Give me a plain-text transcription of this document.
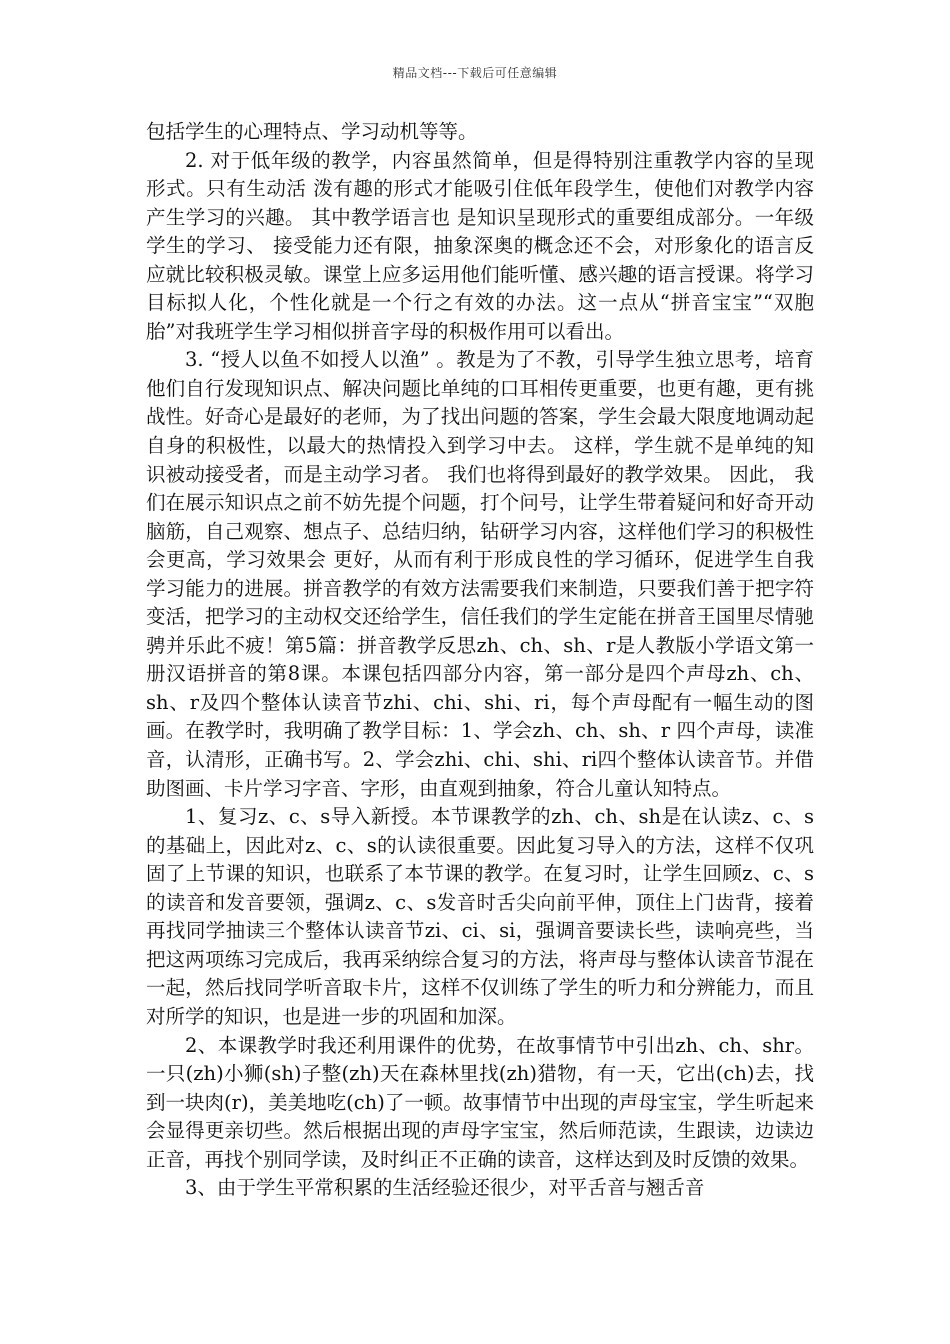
精品文档---下载后可任意编辑

包括学生的心理特点、学习动机等等。

2. 对于低年级的教学，内容虽然简单，但是得特别注重教学内容的呈现形式。只有生动活 泼有趣的形式才能吸引住低年段学生，使他们对教学内容产生学习的兴趣。 其中教学语言也 是知识呈现形式的重要组成部分。一年级学生的学习、 接受能力还有限，抽象深奥的概念还不会，对形象化的语言反应就比较积极灵敏。课堂上应多运用他们能听懂、感兴趣的语言授课。将学习目标拟人化，个性化就是一个行之有效的办法。这一点从“拼音宝宝”“双胞胎”对我班学生学习相似拼音字母的积极作用可以看出。

3. “授人以鱼不如授人以渔” 。教是为了不教，引导学生独立思考，培育他们自行发现知识点、解决问题比单纯的口耳相传更重要，也更有趣，更有挑战性。好奇心是最好的老师，为了找出问题的答案，学生会最大限度地调动起自身的积极性，以最大的热情投入到学习中去。 这样，学生就不是单纯的知识被动接受者，而是主动学习者。 我们也将得到最好的教学效果。 因此， 我们在展示知识点之前不妨先提个问题，打个问号，让学生带着疑问和好奇开动脑筋，自己观察、想点子、总结归纳，钻研学习内容，这样他们学习的积极性会更高，学习效果会 更好，从而有利于形成良性的学习循环，促进学生自我学习能力的进展。拼音教学的有效方法需要我们来制造，只要我们善于把字符变活，把学习的主动权交还给学生，信任我们的学生定能在拼音王国里尽情驰骋并乐此不疲！第5篇：拼音教学反思zh、ch、sh、r是人教版小学语文第一册汉语拼音的第8课。本课包括四部分内容，第一部分是四个声母zh、ch、sh、r及四个整体认读音节zhi、chi、shi、ri，每个声母配有一幅生动的图画。在教学时，我明确了教学目标：1、学会zh、ch、sh、r 四个声母，读准音，认清形，正确书写。2、学会zhi、chi、shi、ri四个整体认读音节。并借助图画、卡片学习字音、字形，由直观到抽象，符合儿童认知特点。

1、复习z、c、s导入新授。本节课教学的zh、ch、sh是在认读z、c、s的基础上，因此对z、c、s的认读很重要。因此复习导入的方法，这样不仅巩固了上节课的知识，也联系了本节课的教学。在复习时，让学生回顾z、c、s的读音和发音要领，强调z、c、s发音时舌尖向前平伸，顶住上门齿背，接着再找同学抽读三个整体认读音节zi、ci、si，强调音要读长些，读响亮些，当把这两项练习完成后，我再采纳综合复习的方法，将声母与整体认读音节混在一起，然后找同学听音取卡片，这样不仅训练了学生的听力和分辨能力，而且对所学的知识，也是进一步的巩固和加深。

2、本课教学时我还利用课件的优势，在故事情节中引出zh、ch、shr。一只(zh)小狮(sh)子整(zh)天在森林里找(zh)猎物，有一天，它出(ch)去，找到一块肉(r)，美美地吃(ch)了一顿。故事情节中出现的声母宝宝，学生听起来会显得更亲切些。然后根据出现的声母字宝宝，然后师范读，生跟读，边读边正音，再找个别同学读，及时纠正不正确的读音，这样达到及时反馈的效果。

3、由于学生平常积累的生活经验还很少，对平舌音与翘舌音
